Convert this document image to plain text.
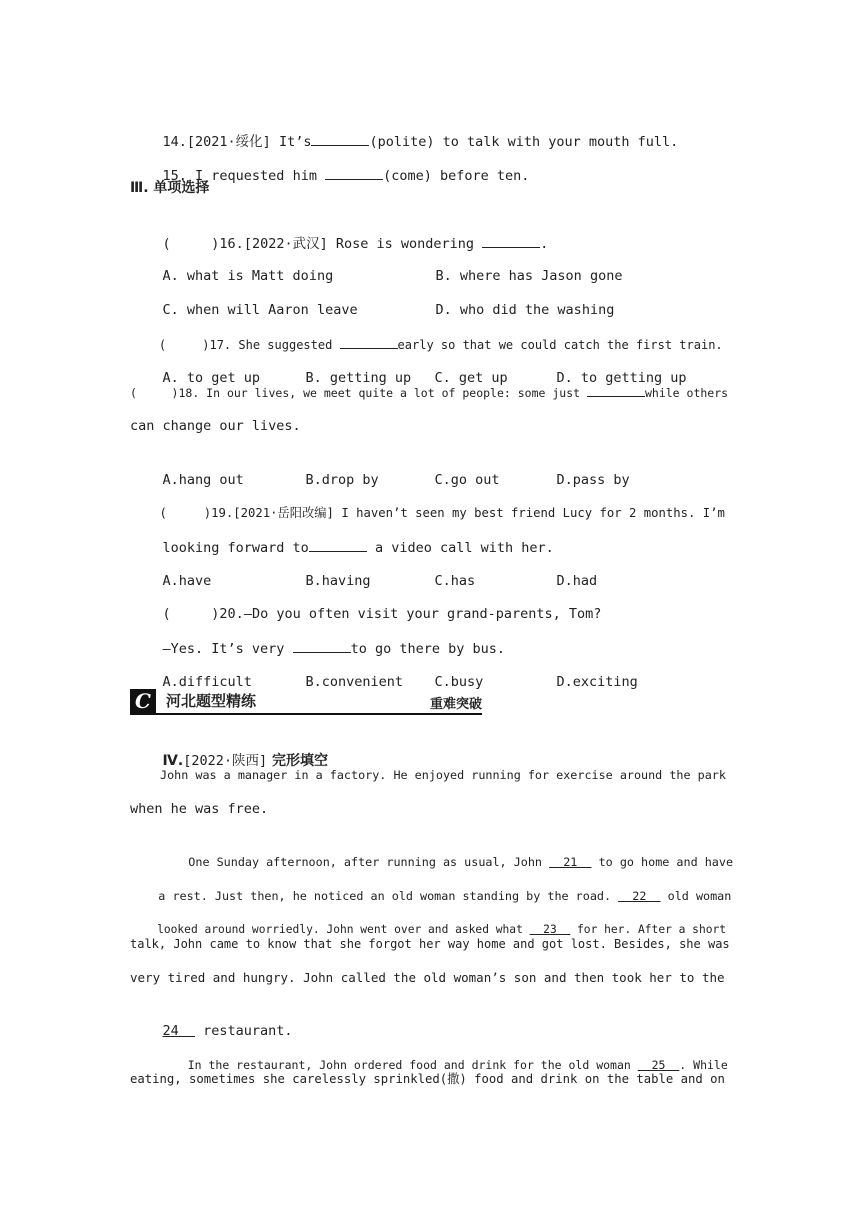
14.[2021·绥化] It’s	(polite) to talk with your mouth full.

15. I requested him	(come) before ten.

Ⅲ. 单项选择

(     )16.[2022·武汉] Rose is wondering	.

A. what is Matt doing	B. where has Jason gone

C. when will Aaron leave	D. who did the washing

(     )17. She suggested	early so that we could catch the first train.

A. to get up	B. getting up C. get up	D. to getting up

(     )18. In our lives, we meet quite a lot of people: some just	while others
can change our lives.

A.hang out	B.drop by	C.go out	D.pass by

(     )19.[2021·岳阳改编] I haven’t seen my best friend Lucy for 2 months. I’m

looking forward to	a video call with her.

A.have	B.having	C.has	D.had

(     )20.—Do you often visit your grand-parents, Tom?

—Yes. It’s very	to go there by bus.

A.difficult	B.convenient C.busy	D.exciting

C	河北题型精练	重难突破

Ⅳ.[2022·陕西] 完形填空

John was a manager in a factory. He enjoyed running for exercise around the park
when he was free.

One Sunday afternoon, after running as usual, John   21   to go home and have

a rest. Just then, he noticed an old woman standing by the road.   22   old woman

looked around worriedly. John went over and asked what   23   for her. After a short

talk, John came to know that she forgot her way home and got lost. Besides, she was
very tired and hungry. John called the old woman’s son and then took her to the

24   restaurant.

In the restaurant, John ordered food and drink for the old woman   25  . While

eating, sometimes she carelessly sprinkled(撒) food and drink on the table and on
